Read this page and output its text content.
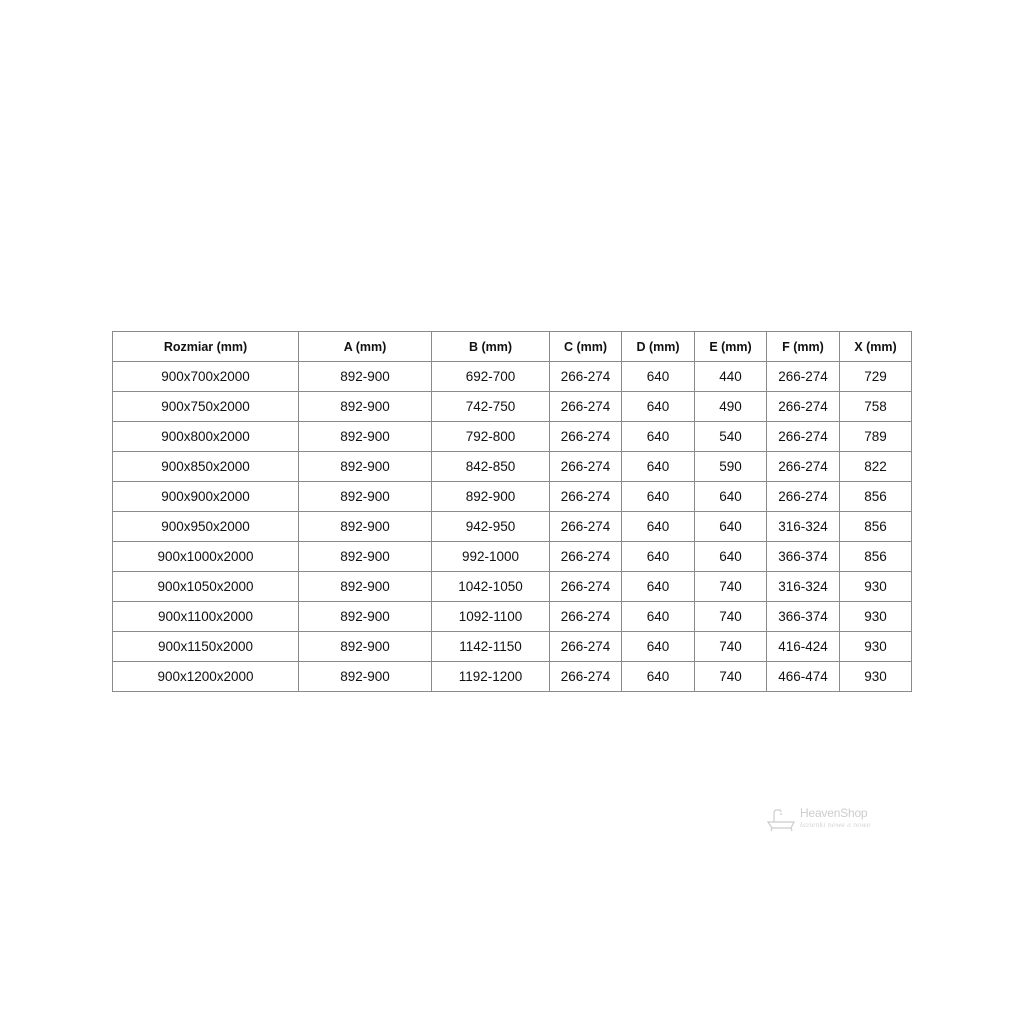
Rozmiar (mm)	A (mm)	B (mm)	C (mm)	D (mm)	E (mm)	F (mm)	X (mm)
900x700x2000	892-900	692-700	266-274	640	440	266-274	729
900x750x2000	892-900	742-750	266-274	640	490	266-274	758
900x800x2000	892-900	792-800	266-274	640	540	266-274	789
900x850x2000	892-900	842-850	266-274	640	590	266-274	822
900x900x2000	892-900	892-900	266-274	640	640	266-274	856
900x950x2000	892-900	942-950	266-274	640	640	316-324	856
900x1000x2000	892-900	992-1000	266-274	640	640	366-374	856
900x1050x2000	892-900	1042-1050	266-274	640	740	316-324	930
900x1100x2000	892-900	1092-1100	266-274	640	740	366-374	930
900x1150x2000	892-900	1142-1150	266-274	640	740	416-424	930
900x1200x2000	892-900	1192-1200	266-274	640	740	466-474	930
HeavenShop
łazienki nowe a nowe
